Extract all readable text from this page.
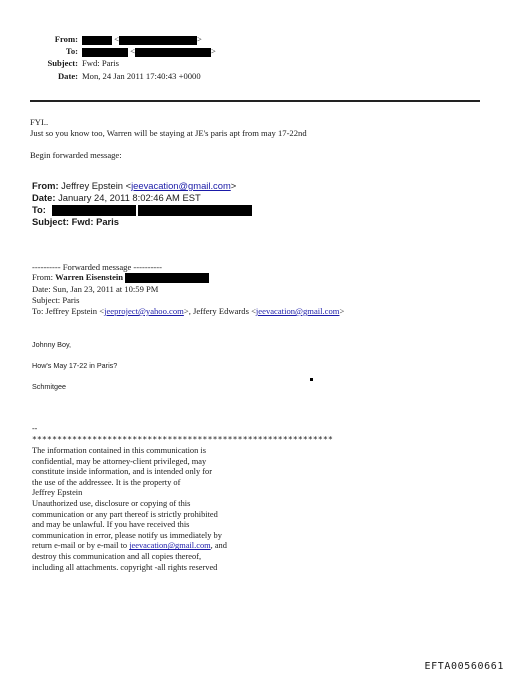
From:	<	>
To:	<	>
Subject: Fwd: Paris
Date: Mon, 24 Jan 2011 17:40:43 +0000
FYI..
Just so you know too, Warren will be staying at JE's paris apt from may 17-22nd
Begin forwarded message:
From: Jeffrey Epstein <jeevacation@gmail.com>
Date: January 24, 2011 8:02:46 AM EST
To:
Subject: Fwd: Paris
---------- Forwarded message ----------
From: Warren Eisenstein
Date: Sun, Jan 23, 2011 at 10:59 PM
Subject: Paris
To: Jeffrey Epstein <jeeproject@yahoo.com>, Jeffery Edwards <jeevacation@gmail.com>
Johnny Boy,
How's May 17-22 in Paris?
Schmitgee
--
************************************************************
The information contained in this communication is
confidential, may be attorney-client privileged, may
constitute inside information, and is intended only for
the use of the addressee. It is the property of
Jeffrey Epstein
Unauthorized use, disclosure or copying of this
communication or any part thereof is strictly prohibited
and may be unlawful. If you have received this
communication in error, please notify us immediately by
return e-mail or by e-mail to jeevacation@gmail.com, and
destroy this communication and all copies thereof,
including all attachments. copyright -all rights reserved
EFTA00560661
